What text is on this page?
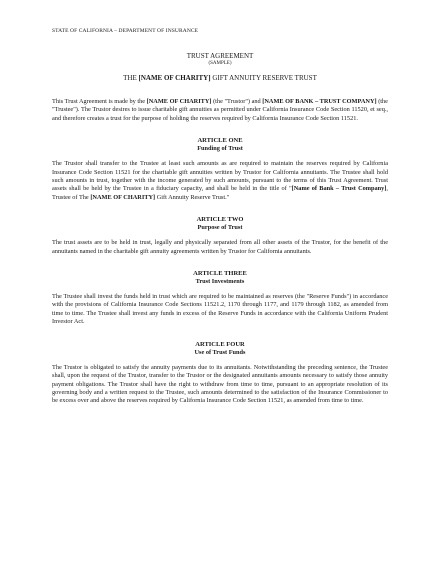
STATE OF CALIFORNIA – DEPARTMENT OF INSURANCE
TRUST AGREEMENT
(SAMPLE)
THE [NAME OF CHARITY] GIFT ANNUITY RESERVE TRUST

This Trust Agreement is made by the [NAME OF CHARITY] (the "Trustor") and [NAME OF BANK – TRUST COMPANY] (the "Trustee"). The Trustor desires to issue charitable gift annuities as permitted under California Insurance Code Section 11520, et seq., and therefore creates a trust for the purpose of holding the reserves required by California Insurance Code Section 11521.

ARTICLE ONE
Funding of Trust

The Trustor shall transfer to the Trustee at least such amounts as are required to maintain the reserves required by California Insurance Code Section 11521 for the charitable gift annuities written by Trustor for California annuitants. The Trustee shall hold such amounts in trust, together with the income generated by such amounts, pursuant to the terms of this Trust Agreement. Trust assets shall be held by the Trustee in a fiduciary capacity, and shall be held in the title of "[Name of Bank – Trust Company], Trustee of The [NAME OF CHARITY] Gift Annuity Reserve Trust."

ARTICLE TWO
Purpose of Trust

The trust assets are to be held in trust, legally and physically separated from all other assets of the Trustor, for the benefit of the annuitants named in the charitable gift annuity agreements written by Trustor for California annuitants.

ARTICLE THREE
Trust Investments

The Trustee shall invest the funds held in trust which are required to be maintained as reserves (the "Reserve Funds") in accordance with the provisions of California Insurance Code Sections 11521.2, 1170 through 1177, and 1179 through 1182, as amended from time to time. The Trustee shall invest any funds in excess of the Reserve Funds in accordance with the California Uniform Prudent Investor Act.

ARTICLE FOUR
Use of Trust Funds

The Trustor is obligated to satisfy the annuity payments due to its annuitants. Notwithstanding the preceding sentence, the Trustee shall, upon the request of the Trustor, transfer to the Trustor or the designated annuitants amounts necessary to satisfy those annuity payment obligations. The Trustor shall have the right to withdraw from time to time, pursuant to an appropriate resolution of its governing body and a written request to the Trustee, such amounts determined to the satisfaction of the Insurance Commissioner to be excess over and above the reserves required by California Insurance Code Section 11521, as amended from time to time.
